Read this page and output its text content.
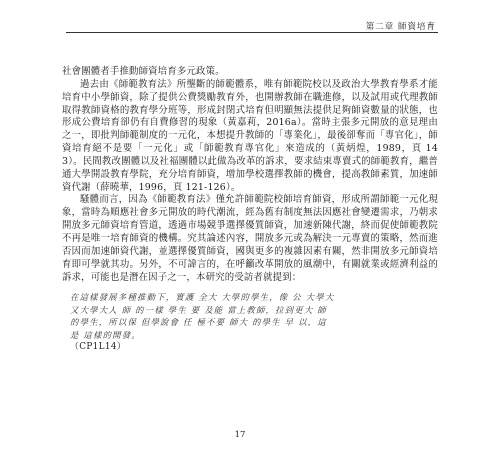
第二章 師資培育

社會團體者手推動師資培育多元政策。

過去由《師範教育法》所壟斷的師範體系，唯有師範院校以及政治大學教育學系才能培育中小學師資，除了提供公費獎勵教育外，也開辦教師在職進修，以及試用或代理教師取得教師資格的教育學分班等，形成封閉式培育但明顯無法提供足夠師資數量的狀態，也形成公費培育卻仍有自費修習的現象（黃嘉莉，2016a）。當時主張多元開放的意見理由之一，即批判師範制度的一元化，本想提升教師的「專業化」，最後卻奪而「專官化」，師資培育絕不是要「一元化」或「師範教育專官化」來造成的（黃炳煌，1989，頁 143）。民間教改團體以及社福團體以此做為改革的訴求，要求結束專賣式的師範教育，繼普通大學開設教育學院，充分培育師資，增加學校選擇教師的機會，提高教師素質，加速師資代謝（薛曉華，1996，頁 121-126）。

騷體而言，因為《師範教育法》僅允許師範院校師培育師資，形成所謂師範一元化現象，當時為順應社會多元開放的時代潮流，經為舊有制度無法因應社會變遷需求，乃朝求開放多元師資培育管道，透過市場競爭選擇優質師資，加速新陳代謝，終而促使師範教院不再是唯一培育師資的機構。究其論述內容，開放多元或為解決一元專賣的策略，然而進否因而加速師資代謝，並選擇優質師資，國與更多的複雜因素有關，然非開放多元師資培育即可學就其功。另外，不可諱言的，在呼籲改革開放的風潮中，有關就業或經濟利益的訴求，可能也是潛在因子之一，本研究的受訪者就提到：

在這樣發展多種推動下，實護 全大 大學的學生，像 公 大學大 又大學大人 師 的一樣 學生 要 及能 當上教師，拉到更大 師 的學生，所以保 但學說會 任 極不要 師大 的學生 早 以，這 是 這樣的開發。
（CP1L14）
17
